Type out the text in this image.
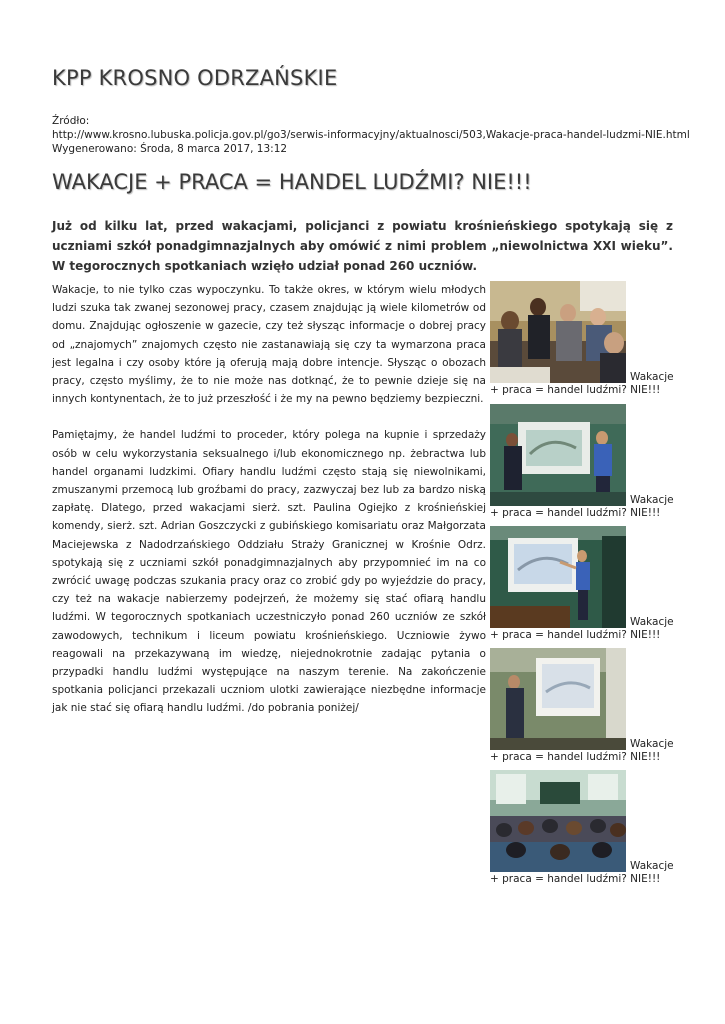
KPP KROSNO ODRZAŃSKIE
Źródło:
http://www.krosno.lubuska.policja.gov.pl/go3/serwis-informacyjny/aktualnosci/503,Wakacje-praca-handel-ludzmi-NIE.html
Wygenerowano: Środa, 8 marca 2017, 13:12
WAKACJE + PRACA = HANDEL LUDŹMI? NIE!!!

Już od kilku lat, przed wakacjami, policjanci z powiatu krośnieńskiego spotykają się z uczniami szkół ponadgimnazjalnych aby omówić z nimi problem „niewolnictwa XXI wieku”. W tegorocznych spotkaniach wzięło udział ponad 260 uczniów.

Wakacje, to nie tylko czas wypoczynku. To także okres, w którym wielu młodych ludzi szuka tak zwanej sezonowej pracy, czasem znajdując ją wiele kilometrów od domu. Znajdując ogłoszenie w gazecie, czy też słysząc informacje o dobrej pracy od „znajomych” znajomych często nie zastanawiają się czy ta wymarzona praca jest legalna i czy osoby które ją oferują mają dobre intencje. Słysząc o obozach pracy, często myślimy, że to nie może nas dotknąć, że to pewnie dzieje się na innych kontynentach, że to już przeszłość i że my na pewno będziemy bezpieczni.

Pamiętajmy, że handel ludźmi to proceder, który polega na kupnie i sprzedaży osób w celu wykorzystania seksualnego i/lub ekonomicznego np. żebractwa lub handel organami ludzkimi. Ofiary handlu ludźmi często stają się niewolnikami, zmuszanymi przemocą lub groźbami do pracy, zazwyczaj bez lub za bardzo niską zapłatę. Dlatego, przed wakacjami sierż. szt. Paulina Ogiejko z krośnieńskiej komendy, sierż. szt. Adrian Goszczycki z gubińskiego komisariatu oraz Małgorzata Maciejewska z Nadodrzańskiego Oddziału Straży Granicznej w Krośnie Odrz. spotykają się z uczniami szkół ponadgimnazjalnych aby przypomnieć im na co zwrócić uwagę podczas szukania pracy oraz co zrobić gdy po wyjeździe do pracy, czy też na wakacje nabierzemy podejrzeń, że możemy się stać ofiarą handlu ludźmi. W tegorocznych spotkaniach uczestniczyło ponad 260 uczniów ze szkół zawodowych, technikum i liceum powiatu krośnieńskiego. Uczniowie żywo reagowali na przekazywaną im wiedzę, niejednokrotnie zadając pytania o przypadki handlu ludźmi występujące na naszym terenie. Na zakończenie spotkania policjanci przekazali uczniom ulotki zawierające niezbędne informacje jak nie stać się ofiarą handlu ludźmi. /do pobrania poniżej/

Wakacje
+ praca = handel ludźmi? NIE!!!
Wakacje
+ praca = handel ludźmi? NIE!!!
Wakacje
+ praca = handel ludźmi? NIE!!!
Wakacje
+ praca = handel ludźmi? NIE!!!
Wakacje
+ praca = handel ludźmi? NIE!!!
